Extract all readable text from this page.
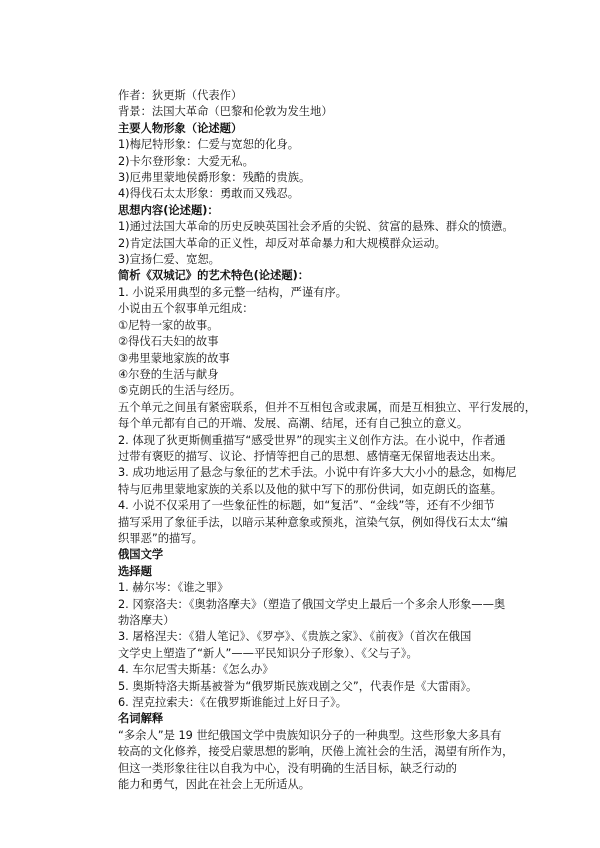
作者：狄更斯（代表作）
背景：法国大革命（巴黎和伦敦为发生地）
主要人物形象（论述题）
1)梅尼特形象：仁爱与宽恕的化身。
2)卡尔登形象：大爱无私。
3)厄弗里蒙地侯爵形象：残酷的贵族。
4)得伐石太太形象：勇敢而又残忍。
思想内容(论述题)：
1)通过法国大革命的历史反映英国社会矛盾的尖锐、贫富的悬殊、群众的愤懑。
2)肯定法国大革命的正义性，却反对革命暴力和大规模群众运动。
3)宣扬仁爱、宽恕。
简析《双城记》的艺术特色(论述题)：
1. 小说采用典型的多元整一结构，严谨有序。
小说由五个叙事单元组成：
①尼特一家的故事。
②得伐石夫妇的故事
③弗里蒙地家族的故事
④尔登的生活与献身
⑤克朗氏的生活与经历。
五个单元之间虽有紧密联系，但并不互相包含或隶属，而是互相独立、平行发展的，
每个单元都有自己的开端、发展、高潮、结尾，还有自己独立的意义。
2. 体现了狄更斯侧重描写“感受世界”的现实主义创作方法。在小说中，作者通
过带有褒贬的描写、议论、抒情等把自己的思想、感情毫无保留地表达出来。
3. 成功地运用了悬念与象征的艺术手法。小说中有许多大大小小的悬念，如梅尼
特与厄弗里蒙地家族的关系以及他的狱中写下的那份供词，如克朗氏的盗墓。
4. 小说不仅采用了一些象征性的标题，如“复活”、“金线”等，还有不少细节
描写采用了象征手法，以暗示某种意象或预兆，渲染气氛，例如得伐石太太“编
织罪恶”的描写。
俄国文学
选择题
1. 赫尔岑：《谁之罪》
2. 冈察洛夫：《奥勃洛摩夫》（塑造了俄国文学史上最后一个多余人形象——奥
勃洛摩夫）
3. 屠格涅夫：《猎人笔记》、《罗亭》、《贵族之家》、《前夜》（首次在俄国
文学史上塑造了“新人”——平民知识分子形象）、《父与子》。
4. 车尔尼雪夫斯基：《怎么办》
5. 奥斯特洛夫斯基被誉为“俄罗斯民族戏剧之父”，代表作是《大雷雨》。
6. 涅克拉索夫：《在俄罗斯谁能过上好日子》。
名词解释
“多余人”是 19 世纪俄国文学中贵族知识分子的一种典型。这些形象大多具有
较高的文化修养，接受启蒙思想的影响，厌倦上流社会的生活，渴望有所作为，
但这一类形象往往以自我为中心，没有明确的生活目标，缺乏行动的
能力和勇气，因此在社会上无所适从。
